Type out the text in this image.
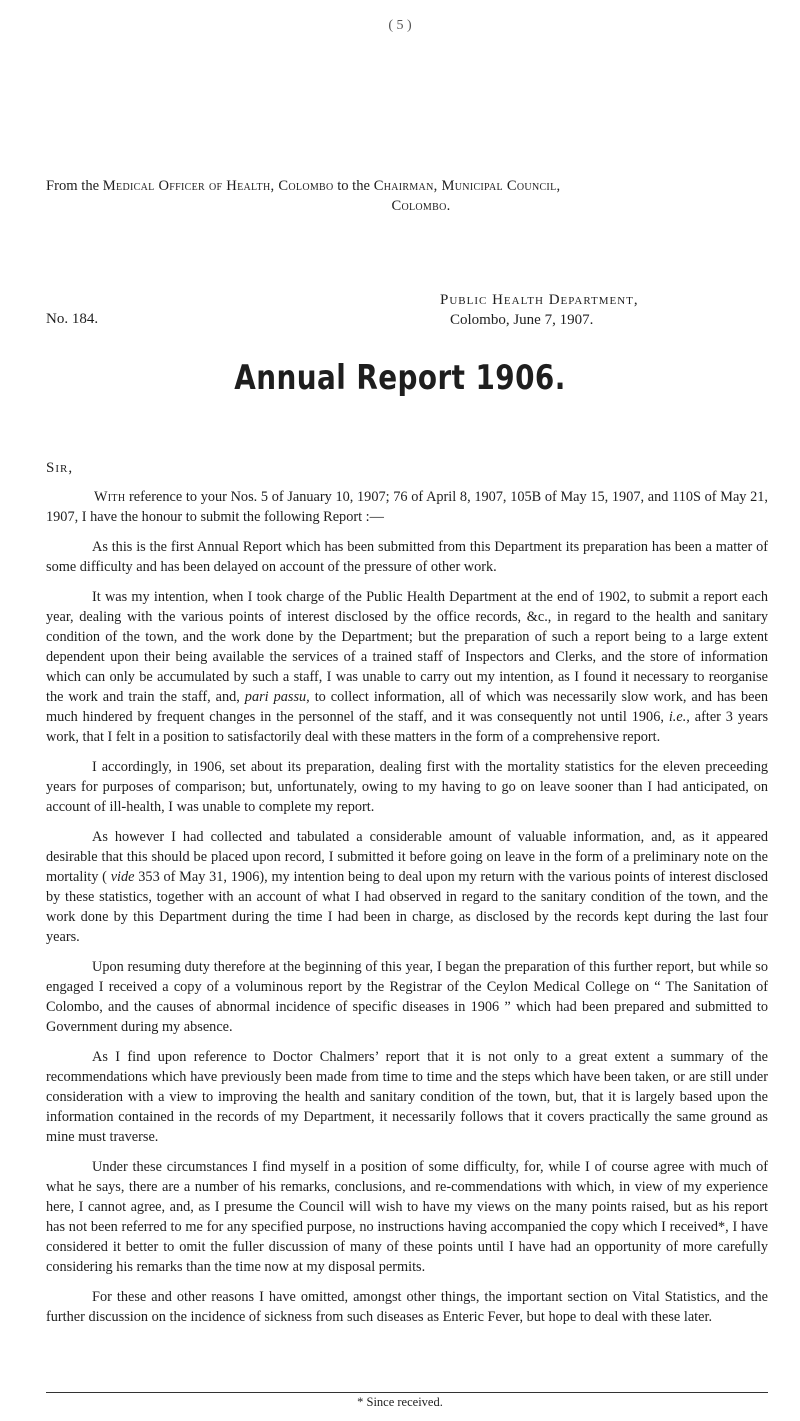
( 5 )
From the Medical Officer of Health, Colombo to the Chairman, Municipal Council,
Colombo.
Public Health Department,
Colombo, June 7, 1907.
No. 184.
Annual Report 1906.
Sir,

With reference to your Nos. 5 of January 10, 1907; 76 of April 8, 1907, 105B of May 15, 1907, and 110S of May 21, 1907, I have the honour to submit the following Report :—

As this is the first Annual Report which has been submitted from this Department its preparation has been a matter of some difficulty and has been delayed on account of the pressure of other work.

It was my intention, when I took charge of the Public Health Department at the end of 1902, to submit a report each year, dealing with the various points of interest disclosed by the office records, &c., in regard to the health and sanitary condition of the town, and the work done by the Department; but the preparation of such a report being to a large extent dependent upon their being available the services of a trained staff of Inspectors and Clerks, and the store of information which can only be accumulated by such a staff, I was unable to carry out my intention, as I found it necessary to reorganise the work and train the staff, and, pari passu, to collect information, all of which was necessarily slow work, and has been much hindered by frequent changes in the personnel of the staff, and it was consequently not until 1906, i.e., after 3 years work, that I felt in a position to satisfactorily deal with these matters in the form of a comprehensive report.

I accordingly, in 1906, set about its preparation, dealing first with the mortality statistics for the eleven preceeding years for purposes of comparison; but, unfortunately, owing to my having to go on leave sooner than I had anticipated, on account of ill-health, I was unable to complete my report.

As however I had collected and tabulated a considerable amount of valuable information, and, as it appeared desirable that this should be placed upon record, I submitted it before going on leave in the form of a preliminary note on the mortality ( vide 353 of May 31, 1906), my intention being to deal upon my return with the various points of interest disclosed by these statistics, together with an account of what I had observed in regard to the sanitary condition of the town, and the work done by this Department during the time I had been in charge, as disclosed by the records kept during the last four years.

Upon resuming duty therefore at the beginning of this year, I began the preparation of this further report, but while so engaged I received a copy of a voluminous report by the Registrar of the Ceylon Medical College on “ The Sanitation of Colombo, and the causes of abnormal incidence of specific diseases in 1906 ” which had been prepared and submitted to Government during my absence.

As I find upon reference to Doctor Chalmers’ report that it is not only to a great extent a summary of the recommendations which have previously been made from time to time and the steps which have been taken, or are still under consideration with a view to improving the health and sanitary condition of the town, but, that it is largely based upon the information contained in the records of my Department, it necessarily follows that it covers practically the same ground as mine must traverse.

Under these circumstances I find myself in a position of some difficulty, for, while I of course agree with much of what he says, there are a number of his remarks, conclusions, and re-commendations with which, in view of my experience here, I cannot agree, and, as I presume the Council will wish to have my views on the many points raised, but as his report has not been referred to me for any specified purpose, no instructions having accompanied the copy which I received*, I have considered it better to omit the fuller discussion of many of these points until I have had an opportunity of more carefully considering his remarks than the time now at my disposal permits.

For these and other reasons I have omitted, amongst other things, the important section on Vital Statistics, and the further discussion on the incidence of sickness from such diseases as Enteric Fever, but hope to deal with these later.

* Since received.
